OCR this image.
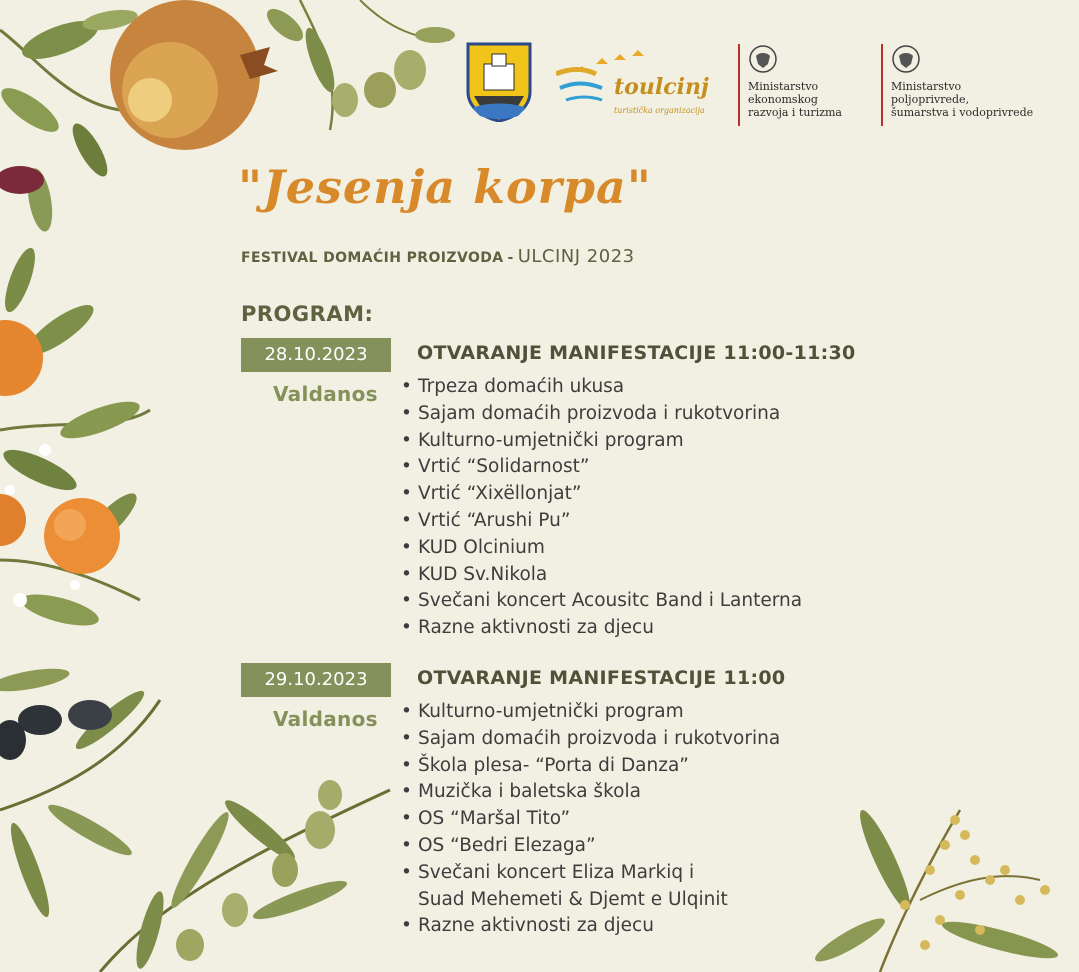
toulcinj
turistička organizacija
Ministarstvo
ekonomskog
razvoja i turizma
Ministarstvo
poljoprivrede,
šumarstva i vodoprivrede
"Jesenja korpa"

FESTIVAL DOMAĆIH PROIZVODA - ULCINJ 2023

PROGRAM:

28.10.2023	OTVARANJE MANIFESTACIJE 11:00-11:30

Valdanos	• Trpeza domaćih ukusa
• Sajam domaćih proizvoda i rukotvorina
• Kulturno-umjetnički program
• Vrtić “Solidarnost”
• Vrtić “Xixëllonjat”
• Vrtić “Arushi Pu”
• KUD Olcinium
• KUD Sv.Nikola
• Svečani koncert Acousitc Band i Lanterna
• Razne aktivnosti za djecu
29.10.2023	OTVARANJE MANIFESTACIJE 11:00

Valdanos	• Kulturno-umjetnički program
• Sajam domaćih proizvoda i rukotvorina
• Škola plesa- “Porta di Danza”
• Muzička i baletska škola
• OS “Maršal Tito”
• OS “Bedri Elezaga”
• Svečani koncert Eliza Markiq i
Suad Mehemeti & Djemt e Ulqinit
• Razne aktivnosti za djecu
